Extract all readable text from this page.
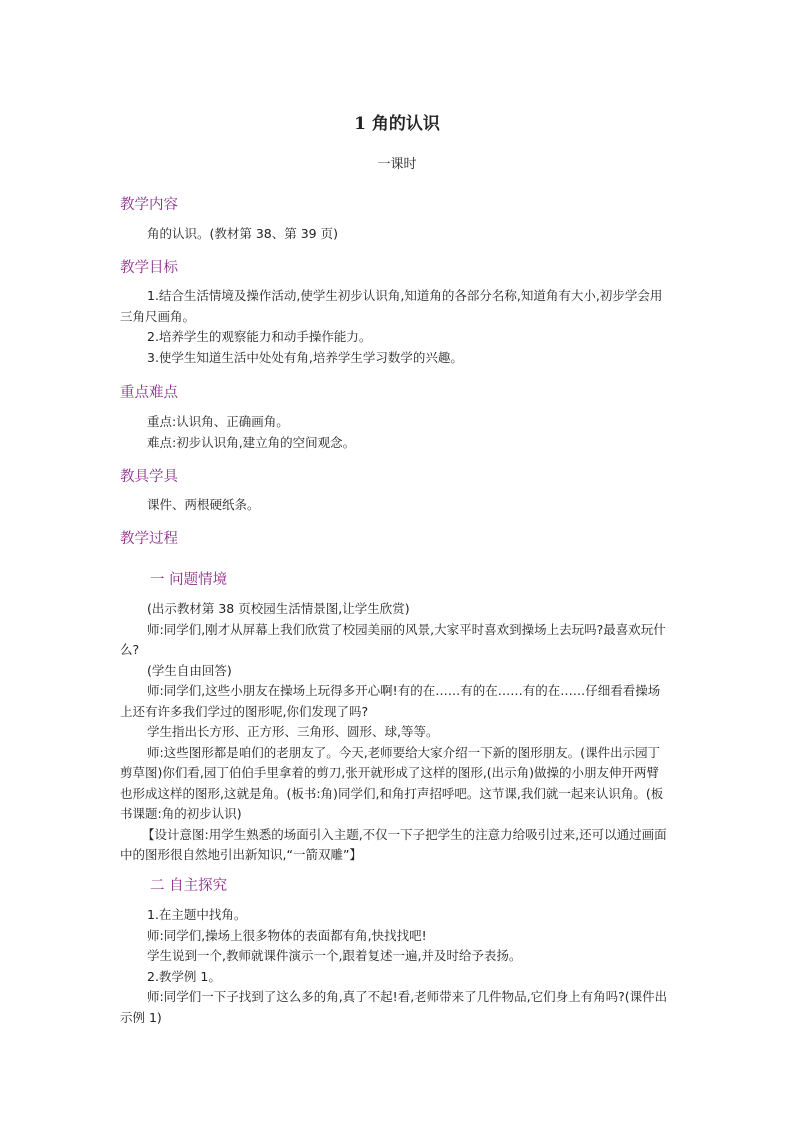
1 角的认识
一课时
教学内容

角的认识。(教材第 38、第 39 页)

教学目标

1.结合生活情境及操作活动,使学生初步认识角,知道角的各部分名称,知道角有大小,初步学会用三角尺画角。

2.培养学生的观察能力和动手操作能力。

3.使学生知道生活中处处有角,培养学生学习数学的兴趣。

重点难点

重点:认识角、正确画角。

难点:初步认识角,建立角的空间观念。

教具学具

课件、两根硬纸条。

教学过程
一 问题情境

(出示教材第 38 页校园生活情景图,让学生欣赏)

师:同学们,刚才从屏幕上我们欣赏了校园美丽的风景,大家平时喜欢到操场上去玩吗?最喜欢玩什么?

(学生自由回答)

师:同学们,这些小朋友在操场上玩得多开心啊!有的在……有的在……有的在……仔细看看操场上还有许多我们学过的图形呢,你们发现了吗?

学生指出长方形、正方形、三角形、圆形、球,等等。

师:这些图形都是咱们的老朋友了。今天,老师要给大家介绍一下新的图形朋友。(课件出示园丁剪草图)你们看,园丁伯伯手里拿着的剪刀,张开就形成了这样的图形,(出示角)做操的小朋友伸开两臂也形成这样的图形,这就是角。(板书:角)同学们,和角打声招呼吧。这节课,我们就一起来认识角。(板书课题:角的初步认识)

【设计意图:用学生熟悉的场面引入主题,不仅一下子把学生的注意力给吸引过来,还可以通过画面中的图形很自然地引出新知识,“一箭双雕”】

二 自主探究

1.在主题中找角。

师:同学们,操场上很多物体的表面都有角,快找找吧!

学生说到一个,教师就课件演示一个,跟着复述一遍,并及时给予表扬。

2.教学例 1。

师:同学们一下子找到了这么多的角,真了不起!看,老师带来了几件物品,它们身上有角吗?(课件出示例 1)
